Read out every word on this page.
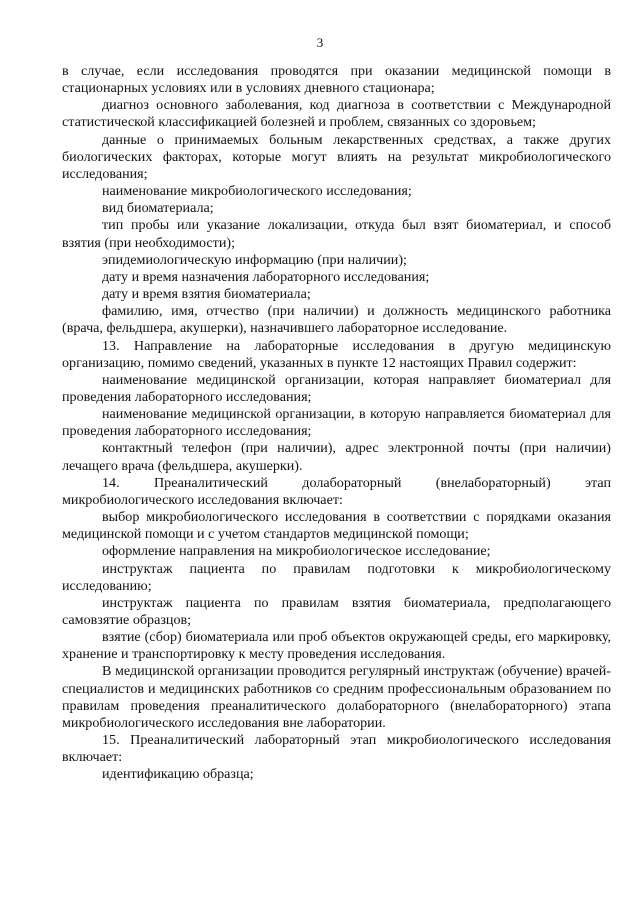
3

в случае, если исследования проводятся при оказании медицинской помощи в стационарных условиях или в условиях дневного стационара;

диагноз основного заболевания, код диагноза в соответствии с Международной статистической классификацией болезней и проблем, связанных со здоровьем;

данные о принимаемых больным лекарственных средствах, а также других биологических факторах, которые могут влиять на результат микробиологического исследования;

наименование микробиологического исследования;

вид биоматериала;

тип пробы или указание локализации, откуда был взят биоматериал, и способ взятия (при необходимости);

эпидемиологическую информацию (при наличии);

дату и время назначения лабораторного исследования;

дату и время взятия биоматериала;

фамилию, имя, отчество (при наличии) и должность медицинского работника (врача, фельдшера, акушерки), назначившего лабораторное исследование.

13. Направление на лабораторные исследования в другую медицинскую организацию, помимо сведений, указанных в пункте 12 настоящих Правил содержит:

наименование медицинской организации, которая направляет биоматериал для проведения лабораторного исследования;

наименование медицинской организации, в которую направляется биоматериал для проведения лабораторного исследования;

контактный телефон (при наличии), адрес электронной почты (при наличии) лечащего врача (фельдшера, акушерки).

14. Преаналитический долабораторный (внелабораторный) этап микробиологического исследования включает:

выбор микробиологического исследования в соответствии с порядками оказания медицинской помощи и с учетом стандартов медицинской помощи;

оформление направления на микробиологическое исследование;

инструктаж пациента по правилам подготовки к микробиологическому исследованию;

инструктаж пациента по правилам взятия биоматериала, предполагающего самовзятие образцов;

взятие (сбор) биоматериала или проб объектов окружающей среды, его маркировку, хранение и транспортировку к месту проведения исследования.

В медицинской организации проводится регулярный инструктаж (обучение) врачей-специалистов и медицинских работников со средним профессиональным образованием по правилам проведения преаналитического долабораторного (внелабораторного) этапа микробиологического исследования вне лаборатории.

15. Преаналитический лабораторный этап микробиологического исследования включает:

идентификацию образца;
